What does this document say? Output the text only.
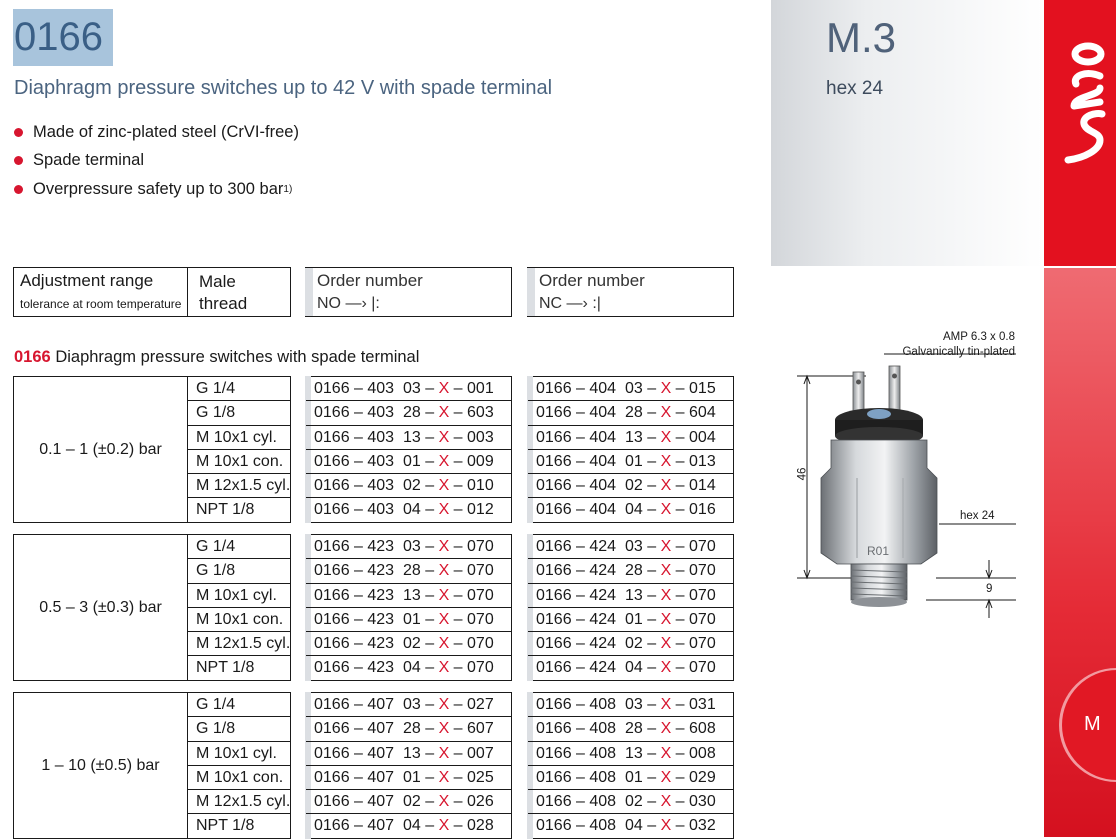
M.3
hex 24
M
0166
Diaphragm pressure switches up to 42 V with spade terminal
Made of zinc-plated steel (CrVI-free)
Spade terminal
Overpressure safety up to 300 bar 1)
Adjustment range
tolerance at room temperature
Male thread
Order number
NO —› |:
Order number
NC —› :|
0166 Diaphragm pressure switches with spade terminal
0.1 – 1 (±0.2) bar
G 1/4
G 1/8
M 10x1 cyl.
M 10x1 con.
M 12x1.5 cyl.
NPT 1/8
0166 – 403  03 – X – 001
0166 – 403  28 – X – 603
0166 – 403  13 – X – 003
0166 – 403  01 – X – 009
0166 – 403  02 – X – 010
0166 – 403  04 – X – 012
0166 – 404  03 – X – 015
0166 – 404  28 – X – 604
0166 – 404  13 – X – 004
0166 – 404  01 – X – 013
0166 – 404  02 – X – 014
0166 – 404  04 – X – 016
0.5 – 3 (±0.3) bar
G 1/4
G 1/8
M 10x1 cyl.
M 10x1 con.
M 12x1.5 cyl.
NPT 1/8
0166 – 423  03 – X – 070
0166 – 423  28 – X – 070
0166 – 423  13 – X – 070
0166 – 423  01 – X – 070
0166 – 423  02 – X – 070
0166 – 423  04 – X – 070
0166 – 424  03 – X – 070
0166 – 424  28 – X – 070
0166 – 424  13 – X – 070
0166 – 424  01 – X – 070
0166 – 424  02 – X – 070
0166 – 424  04 – X – 070
1 – 10 (±0.5) bar
G 1/4
G 1/8
M 10x1 cyl.
M 10x1 con.
M 12x1.5 cyl.
NPT 1/8
0166 – 407  03 – X – 027
0166 – 407  28 – X – 607
0166 – 407  13 – X – 007
0166 – 407  01 – X – 025
0166 – 407  02 – X – 026
0166 – 407  04 – X – 028
0166 – 408  03 – X – 031
0166 – 408  28 – X – 608
0166 – 408  13 – X – 008
0166 – 408  01 – X – 029
0166 – 408  02 – X – 030
0166 – 408  04 – X – 032
R01
AMP 6.3 x 0.8
Galvanically tin-plated
hex 24
46
9
